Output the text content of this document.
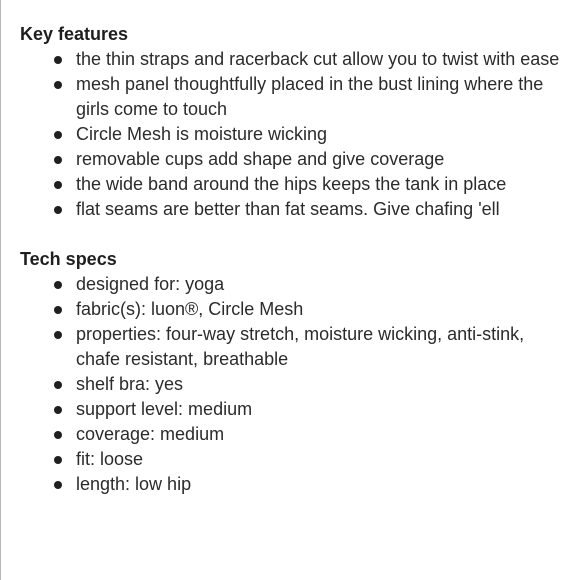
Key features
the thin straps and racerback cut allow you to twist with ease
mesh panel thoughtfully placed in the bust lining where the girls come to touch
Circle Mesh is moisture wicking
removable cups add shape and give coverage
the wide band around the hips keeps the tank in place
flat seams are better than fat seams. Give chafing 'ell
Tech specs
designed for: yoga
fabric(s): luon®, Circle Mesh
properties: four-way stretch, moisture wicking, anti-stink, chafe resistant, breathable
shelf bra: yes
support level: medium
coverage: medium
fit: loose
length: low hip
